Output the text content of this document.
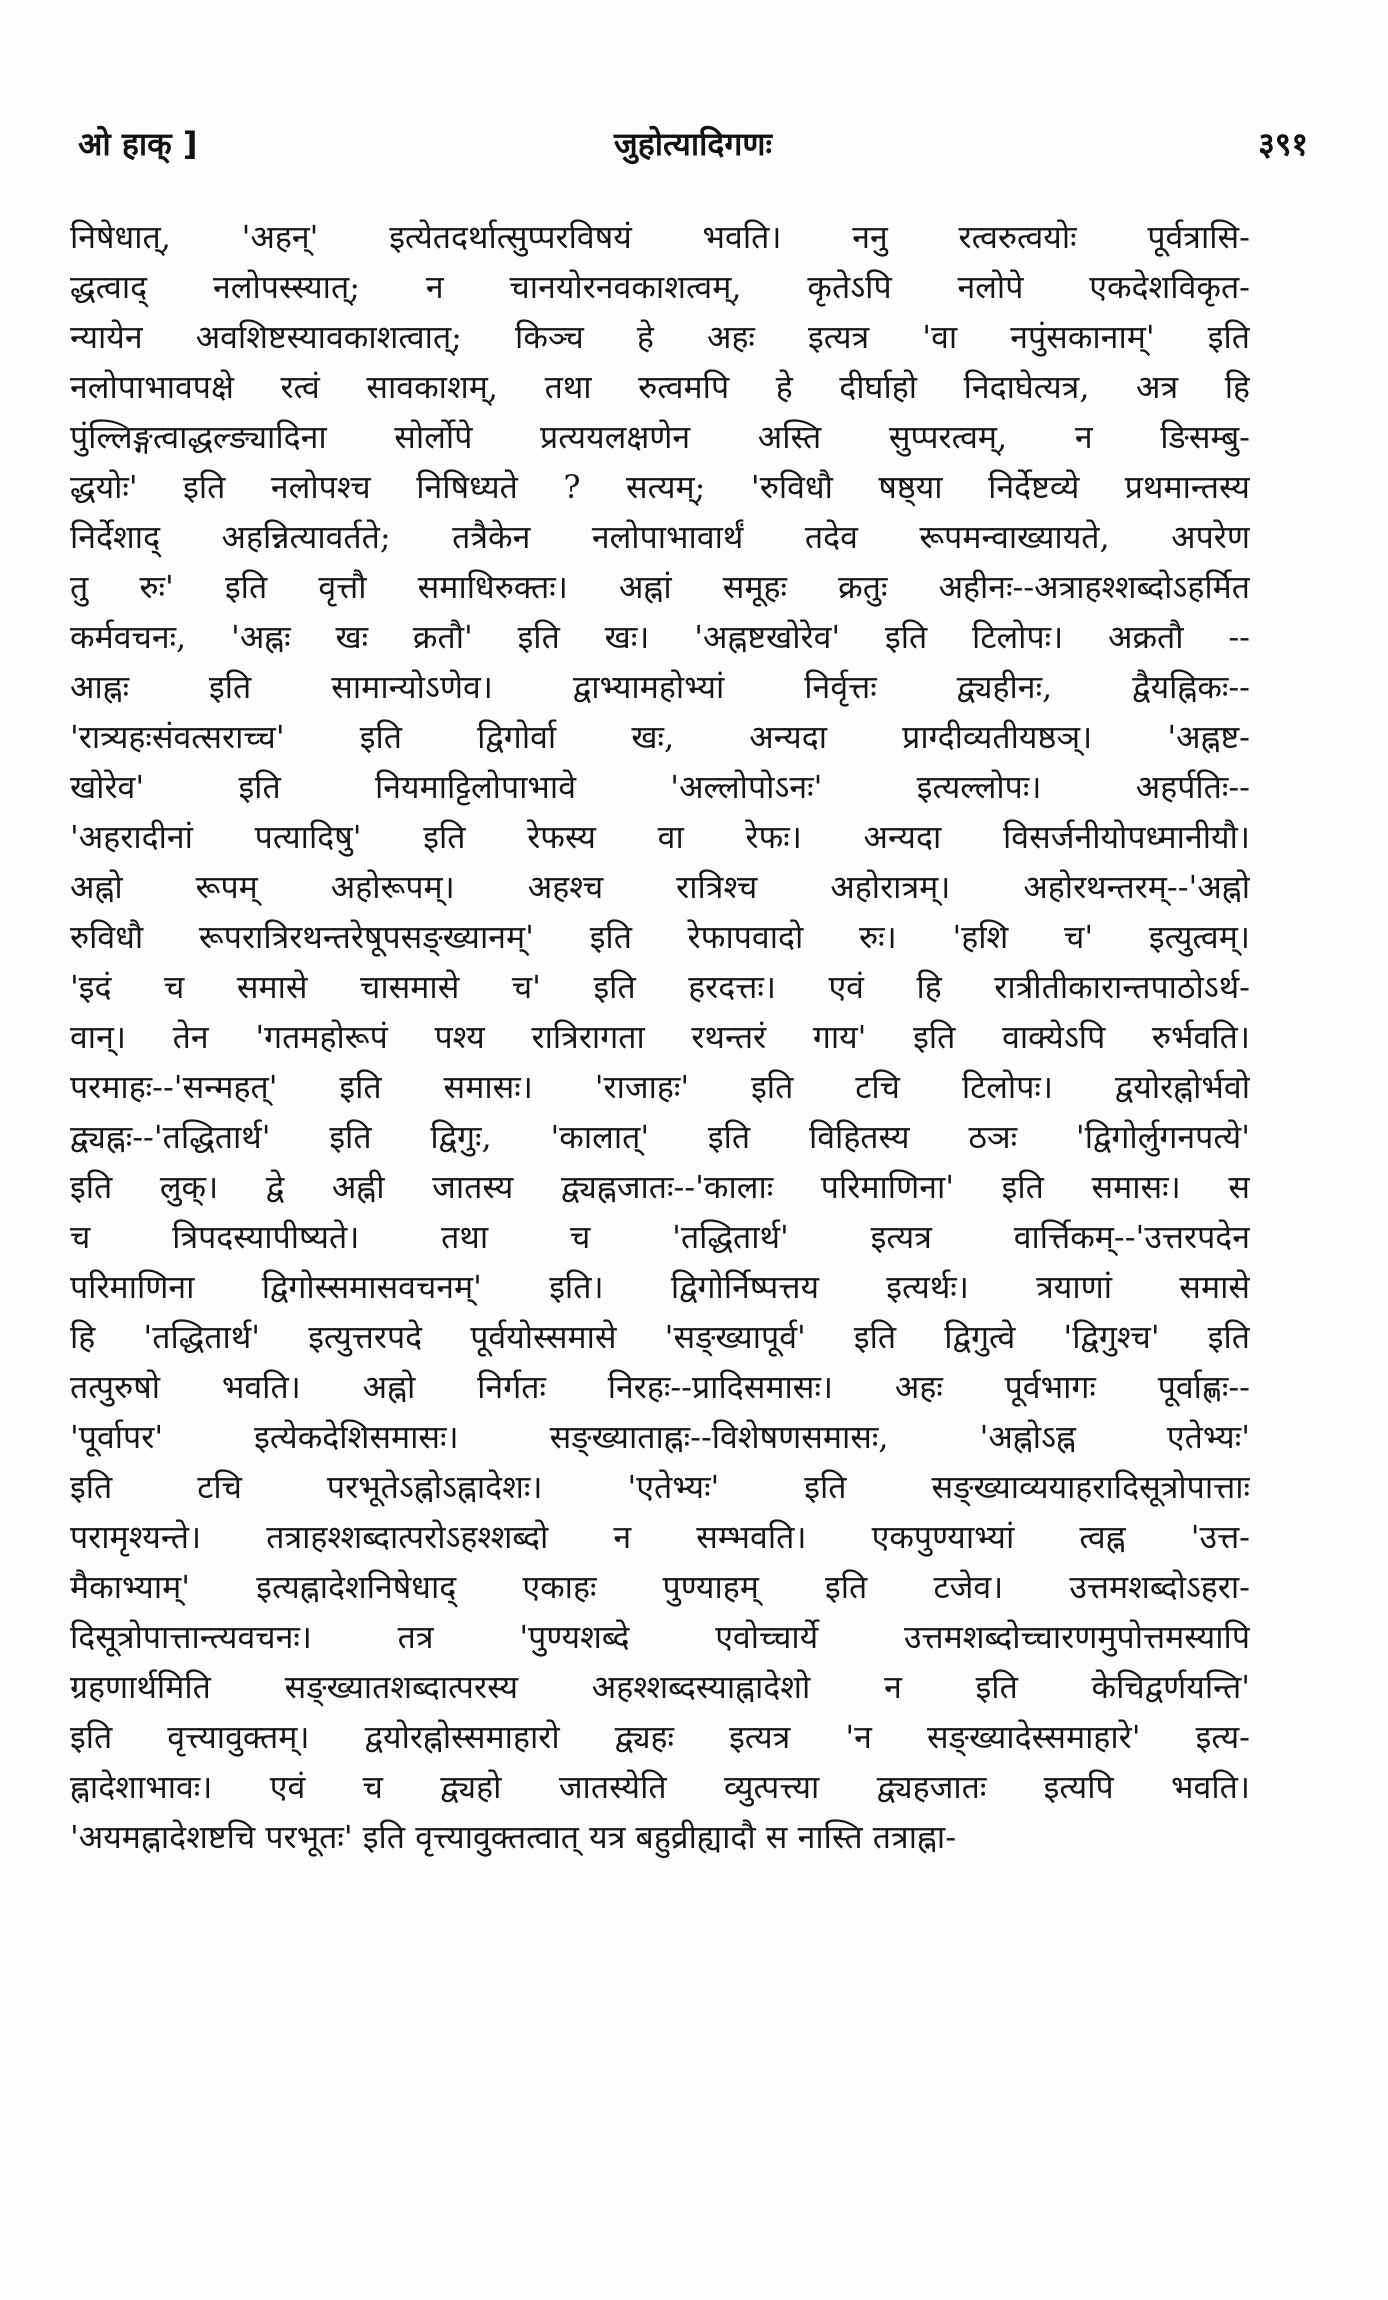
ओ हाक् ]	जुहोत्यादिगणः	३९१
निषेधात्, 'अहन्' इत्येतदर्थात्सुप्परविषयं भवति। ननु रत्वरुत्वयोः पूर्वत्रासि-
द्धत्वाद् नलोपस्स्यात्; न चानयोरनवकाशत्वम्, कृतेऽपि नलोपे एकदेशविकृत-
न्यायेन अवशिष्टस्यावकाशत्वात्; किञ्च हे अहः इत्यत्र 'वा नपुंसकानाम्' इति
नलोपाभावपक्षे रत्वं सावकाशम्, तथा रुत्वमपि हे दीर्घाहो निदाघेत्यत्र, अत्र हि
पुंल्लिङ्गत्वाद्धल्ङ्यादिना सोर्लोपे प्रत्ययलक्षणेन अस्ति सुप्परत्वम्, न ङिसम्बु-
द्धयोः' इति नलोपश्च निषिध्यते ? सत्यम्; 'रुविधौ षष्ठ्या निर्देष्टव्ये प्रथमान्तस्य
निर्देशाद् अहन्नित्यावर्तते; तत्रैकेन नलोपाभावार्थं तदेव रूपमन्वाख्यायते, अपरेण
तु रुः' इति वृत्तौ समाधिरुक्तः। अह्नां समूहः क्रतुः अहीनः--अत्राहश्शब्दोऽहर्मित
कर्मवचनः, 'अह्नः खः क्रतौ' इति खः। 'अह्नष्टखोरेव' इति टिलोपः। अक्रतौ --
आह्नः इति सामान्योऽणेव। द्वाभ्यामहोभ्यां निर्वृत्तः द्व्यहीनः, द्वैयह्निकः--
'रात्र्यहःसंवत्सराच्च' इति द्विगोर्वा खः, अन्यदा प्राग्दीव्यतीयष्ठञ्। 'अह्नष्ट-
खोरेव' इति नियमाट्टिलोपाभावे 'अल्लोपोऽनः' इत्यल्लोपः। अहर्पतिः--
'अहरादीनां पत्यादिषु' इति रेफस्य वा रेफः। अन्यदा विसर्जनीयोपध्मानीयौ।
अह्नो रूपम् अहोरूपम्। अहश्च रात्रिश्च अहोरात्रम्। अहोरथन्तरम्--'अह्नो
रुविधौ रूपरात्रिरथन्तरेषूपसङ्ख्यानम्' इति रेफापवादो रुः। 'हशि च' इत्युत्वम्।
'इदं च समासे चासमासे च' इति हरदत्तः। एवं हि रात्रीतीकारान्तपाठोऽर्थ-
वान्। तेन 'गतमहोरूपं पश्य रात्रिरागता रथन्तरं गाय' इति वाक्येऽपि रुर्भवति।
परमाहः--'सन्महत्' इति समासः। 'राजाहः' इति टचि टिलोपः। द्वयोरह्नोर्भवो
द्व्यह्नः--'तद्धितार्थ' इति द्विगुः, 'कालात्' इति विहितस्य ठञः 'द्विगोर्लुगनपत्ये'
इति लुक्। द्वे अह्नी जातस्य द्व्यह्नजातः--'कालाः परिमाणिना' इति समासः। स
च त्रिपदस्यापीष्यते। तथा च 'तद्धितार्थ' इत्यत्र वार्त्तिकम्--'उत्तरपदेन
परिमाणिना द्विगोस्समासवचनम्' इति। द्विगोर्निष्पत्तय इत्यर्थः। त्रयाणां समासे
हि 'तद्धितार्थ' इत्युत्तरपदे पूर्वयोस्समासे 'सङ्ख्यापूर्व' इति द्विगुत्वे 'द्विगुश्च' इति
तत्पुरुषो भवति। अह्नो निर्गतः निरहः--प्रादिसमासः। अहः पूर्वभागः पूर्वाह्णः--
'पूर्वापर' इत्येकदेशिसमासः। सङ्ख्याताह्नः--विशेषणसमासः, 'अह्नोऽह्न एतेभ्यः'
इति टचि परभूतेऽह्नोऽह्नादेशः। 'एतेभ्यः' इति सङ्ख्याव्ययाहरादिसूत्रोपात्ताः
परामृश्यन्ते। तत्राहश्शब्दात्परोऽहश्शब्दो न सम्भवति। एकपुण्याभ्यां त्वह्न 'उत्त-
मैकाभ्याम्' इत्यह्नादेशनिषेधाद् एकाहः पुण्याहम् इति टजेव। उत्तमशब्दोऽहरा-
दिसूत्रोपात्तान्त्यवचनः। तत्र 'पुण्यशब्दे एवोच्चार्ये उत्तमशब्दोच्चारणमुपोत्तमस्यापि
ग्रहणार्थमिति सङ्ख्यातशब्दात्परस्य अहश्शब्दस्याह्नादेशो न इति केचिद्वर्णयन्ति'
इति वृत्त्यावुक्तम्। द्वयोरह्नोस्समाहारो द्व्यहः इत्यत्र 'न सङ्ख्यादेस्समाहारे' इत्य-
ह्नादेशाभावः। एवं च द्व्यहो जातस्येति व्युत्पत्त्या द्व्यहजातः इत्यपि भवति।
'अयमह्नादेशष्टचि परभूतः' इति वृत्त्यावुक्तत्वात् यत्र बहुव्रीह्यादौ स नास्ति तत्राह्ना-
